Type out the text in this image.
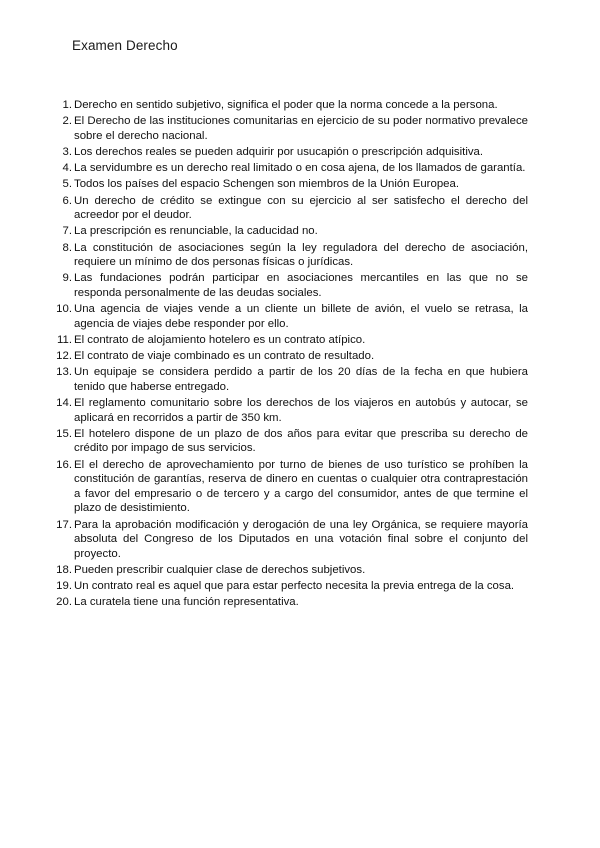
Examen Derecho
1. Derecho en sentido subjetivo, significa el poder que la norma concede a la persona.
2. El Derecho de las instituciones comunitarias en ejercicio de su poder normativo prevalece sobre el derecho nacional.
3. Los derechos reales se pueden adquirir por usucapión o prescripción adquisitiva.
4. La servidumbre es un derecho real limitado o en cosa ajena, de los llamados de garantía.
5. Todos los países del espacio Schengen son miembros de la Unión Europea.
6. Un derecho de crédito se extingue con su ejercicio al ser satisfecho el derecho del acreedor por el deudor.
7. La prescripción es renunciable, la caducidad no.
8. La constitución de asociaciones según la ley reguladora del derecho de asociación, requiere un mínimo de dos personas físicas o jurídicas.
9. Las fundaciones podrán participar en asociaciones mercantiles en las que no se responda personalmente de las deudas sociales.
10. Una agencia de viajes vende a un cliente un billete de avión, el vuelo se retrasa, la agencia de viajes debe responder por ello.
11. El contrato de alojamiento hotelero es un contrato atípico.
12. El contrato de viaje combinado es un contrato de resultado.
13. Un equipaje se considera perdido a partir de los 20 días de la fecha en que hubiera tenido que haberse entregado.
14. El reglamento comunitario sobre los derechos de los viajeros en autobús y autocar, se aplicará en recorridos a partir de 350 km.
15. El hotelero dispone de un plazo de dos años para evitar que prescriba su derecho de crédito por impago de sus servicios.
16. El el derecho de aprovechamiento por turno de bienes de uso turístico se prohíben la constitución de garantías, reserva de dinero en cuentas o cualquier otra contraprestación a favor del empresario o de tercero y a cargo del consumidor, antes de que termine el plazo de desistimiento.
17. Para la aprobación modificación y derogación de una ley Orgánica, se requiere mayoría absoluta del Congreso de los Diputados en una votación final sobre el conjunto del proyecto.
18. Pueden prescribir cualquier clase de derechos subjetivos.
19. Un contrato real es aquel que para estar perfecto necesita la previa entrega de la cosa.
20. La curatela tiene una función representativa.
